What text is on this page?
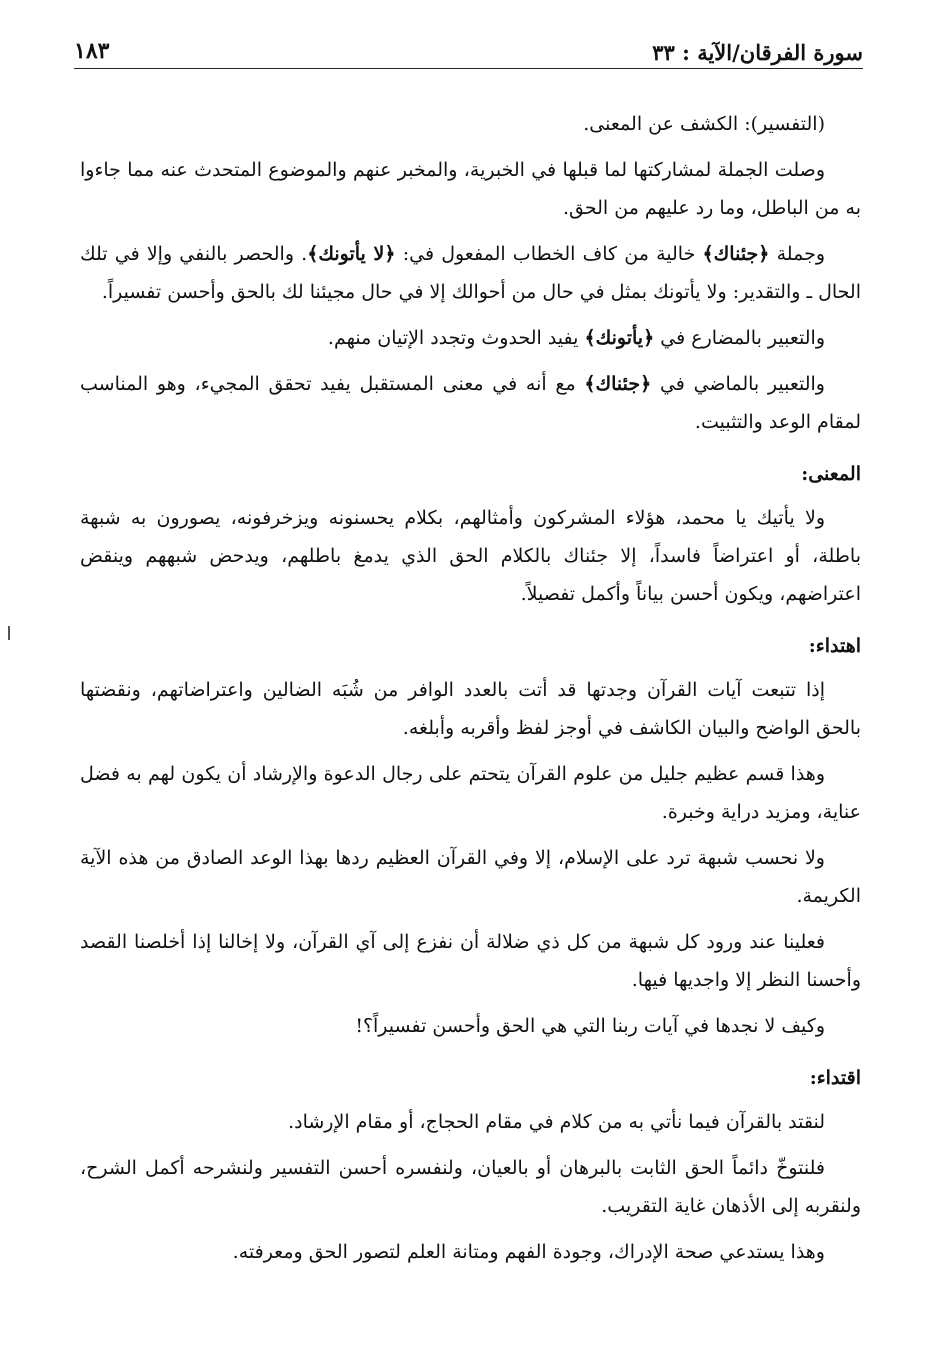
سورة الفرقان/الآية : ٣٣
١٨٣

(التفسير): الكشف عن المعنى.

وصلت الجملة لمشاركتها لما قبلها في الخبرية، والمخبر عنهم والموضوع المتحدث عنه مما جاءوا به من الباطل، وما رد عليهم من الحق.

وجملة ﴿جئناك﴾ خالية من كاف الخطاب المفعول في: ﴿لا يأتونك﴾. والحصر بالنفي وإلا في تلك الحال ـ والتقدير: ولا يأتونك بمثل في حال من أحوالك إلا في حال مجيئنا لك بالحق وأحسن تفسيراً.

والتعبير بالمضارع في ﴿يأتونك﴾ يفيد الحدوث وتجدد الإتيان منهم.

والتعبير بالماضي في ﴿جئناك﴾ مع أنه في معنى المستقبل يفيد تحقق المجيء، وهو المناسب لمقام الوعد والتثبيت.

المعنى:

ولا يأتيك يا محمد، هؤلاء المشركون وأمثالهم، بكلام يحسنونه ويزخرفونه، يصورون به شبهة باطلة، أو اعتراضاً فاسداً، إلا جئناك بالكلام الحق الذي يدمغ باطلهم، ويدحض شبههم وينقض اعتراضهم، ويكون أحسن بياناً وأكمل تفصيلاً.

اهتداء:

إذا تتبعت آيات القرآن وجدتها قد أتت بالعدد الوافر من شُبَه الضالين واعتراضاتهم، ونقضتها بالحق الواضح والبيان الكاشف في أوجز لفظ وأقربه وأبلغه.

وهذا قسم عظيم جليل من علوم القرآن يتحتم على رجال الدعوة والإرشاد أن يكون لهم به فضل عناية، ومزيد دراية وخبرة.

ولا نحسب شبهة ترد على الإسلام، إلا وفي القرآن العظيم ردها بهذا الوعد الصادق من هذه الآية الكريمة.

فعلينا عند ورود كل شبهة من كل ذي ضلالة أن نفزع إلى آي القرآن، ولا إخالنا إذا أخلصنا القصد وأحسنا النظر إلا واجديها فيها.

وكيف لا نجدها في آيات ربنا التي هي الحق وأحسن تفسيراً؟!

اقتداء:

لنقتد بالقرآن فيما نأتي به من كلام في مقام الحجاج، أو مقام الإرشاد.

فلنتوخّ دائماً الحق الثابت بالبرهان أو بالعيان، ولنفسره أحسن التفسير ولنشرحه أكمل الشرح، ولنقربه إلى الأذهان غاية التقريب.

وهذا يستدعي صحة الإدراك، وجودة الفهم ومتانة العلم لتصور الحق ومعرفته.
